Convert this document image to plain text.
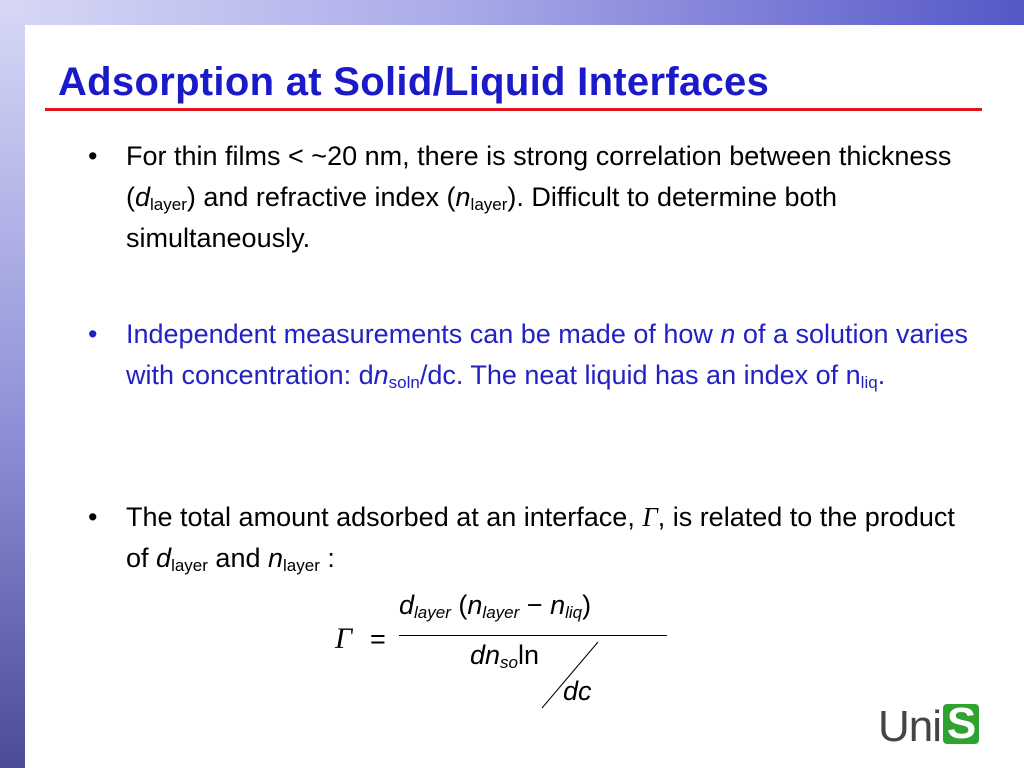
Adsorption at Solid/Liquid Interfaces
• For thin films < ~20 nm, there is strong correlation between thickness $(d_{layer})$ and refractive index $(n_{layer})$. Difficult to determine both simultaneously.
• Independent measurements can be made of how n of a solution varies with concentration: $dn_{soln}/dc$. The neat liquid has an index of $n_{liq}$.
• The total amount adsorbed at an interface, Γ, is related to the product of $d_{layer}$ and $n_{layer}$ :
Γ =
$d_{layer}$ $(n_{layer} - n_{liq})$
$dn_{so}\ln$
dc
Uni S
